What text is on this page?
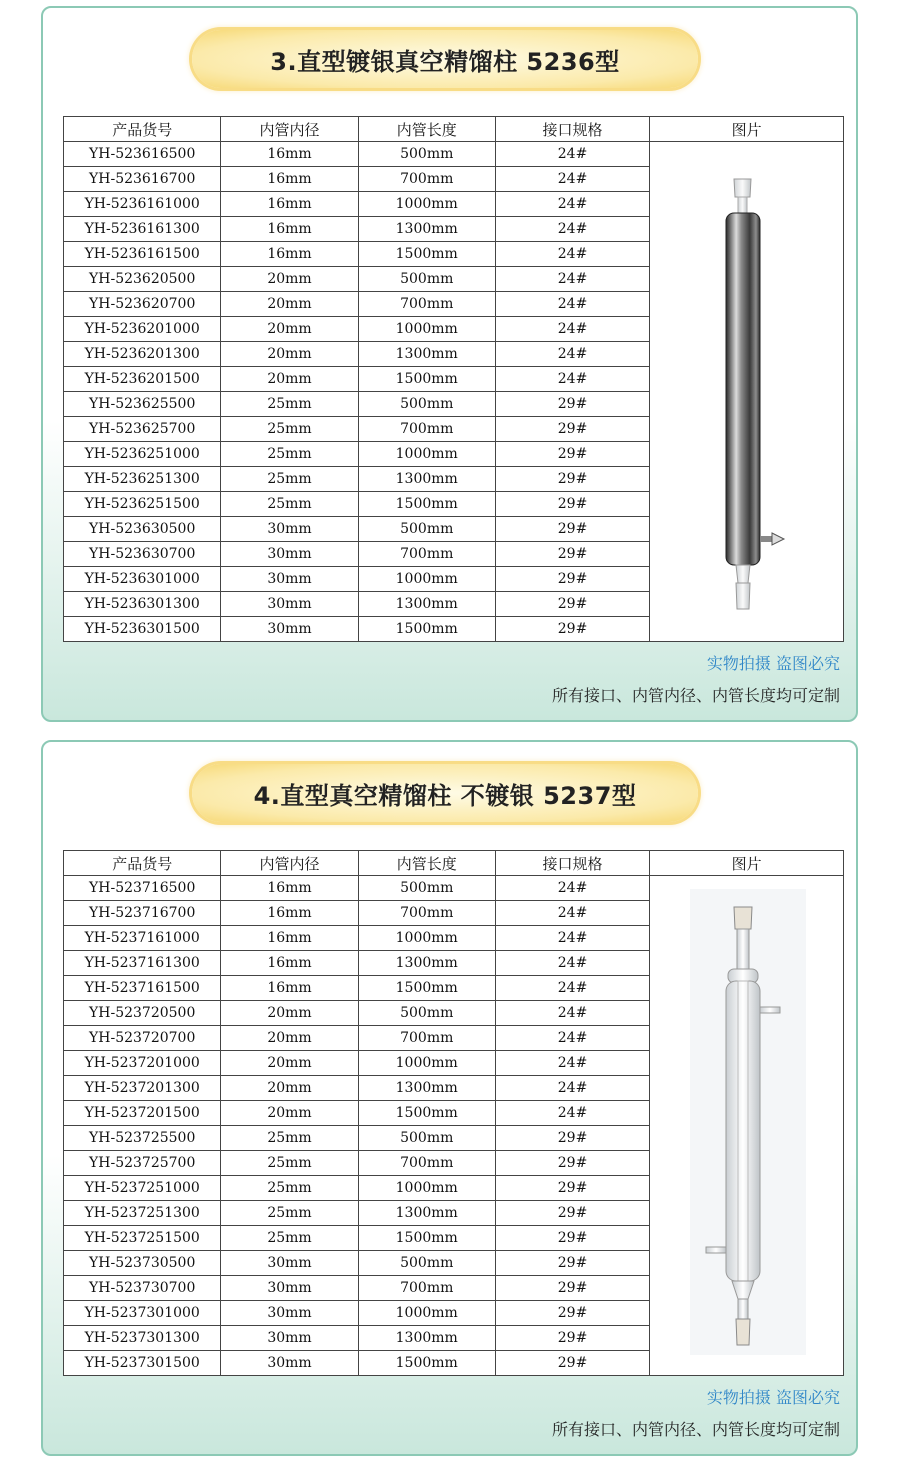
3.直型镀银真空精馏柱 5236型
产品货号	内管内径	内管长度	接口规格	图片
YH-523616500	16mm	500mm	24#	

YH-523616700	16mm	700mm	24#	
YH-5236161000	16mm	1000mm	24#	
YH-5236161300	16mm	1300mm	24#	
YH-5236161500	16mm	1500mm	24#	
YH-523620500	20mm	500mm	24#	
YH-523620700	20mm	700mm	24#	
YH-5236201000	20mm	1000mm	24#	
YH-5236201300	20mm	1300mm	24#	
YH-5236201500	20mm	1500mm	24#	
YH-523625500	25mm	500mm	29#	
YH-523625700	25mm	700mm	29#	
YH-5236251000	25mm	1000mm	29#	
YH-5236251300	25mm	1300mm	29#	
YH-5236251500	25mm	1500mm	29#	
YH-523630500	30mm	500mm	29#	
YH-523630700	30mm	700mm	29#	
YH-5236301000	30mm	1000mm	29#	
YH-5236301300	30mm	1300mm	29#	
YH-5236301500	30mm	1500mm	29#	
实物拍摄 盗图必究
所有接口、内管内径、内管长度均可定制
4.直型真空精馏柱 不镀银 5237型
产品货号	内管内径	内管长度	接口规格	图片
YH-523716500	16mm	500mm	24#	

YH-523716700	16mm	700mm	24#	
YH-5237161000	16mm	1000mm	24#	
YH-5237161300	16mm	1300mm	24#	
YH-5237161500	16mm	1500mm	24#	
YH-523720500	20mm	500mm	24#	
YH-523720700	20mm	700mm	24#	
YH-5237201000	20mm	1000mm	24#	
YH-5237201300	20mm	1300mm	24#	
YH-5237201500	20mm	1500mm	24#	
YH-523725500	25mm	500mm	29#	
YH-523725700	25mm	700mm	29#	
YH-5237251000	25mm	1000mm	29#	
YH-5237251300	25mm	1300mm	29#	
YH-5237251500	25mm	1500mm	29#	
YH-523730500	30mm	500mm	29#	
YH-523730700	30mm	700mm	29#	
YH-5237301000	30mm	1000mm	29#	
YH-5237301300	30mm	1300mm	29#	
YH-5237301500	30mm	1500mm	29#	
实物拍摄 盗图必究
所有接口、内管内径、内管长度均可定制
